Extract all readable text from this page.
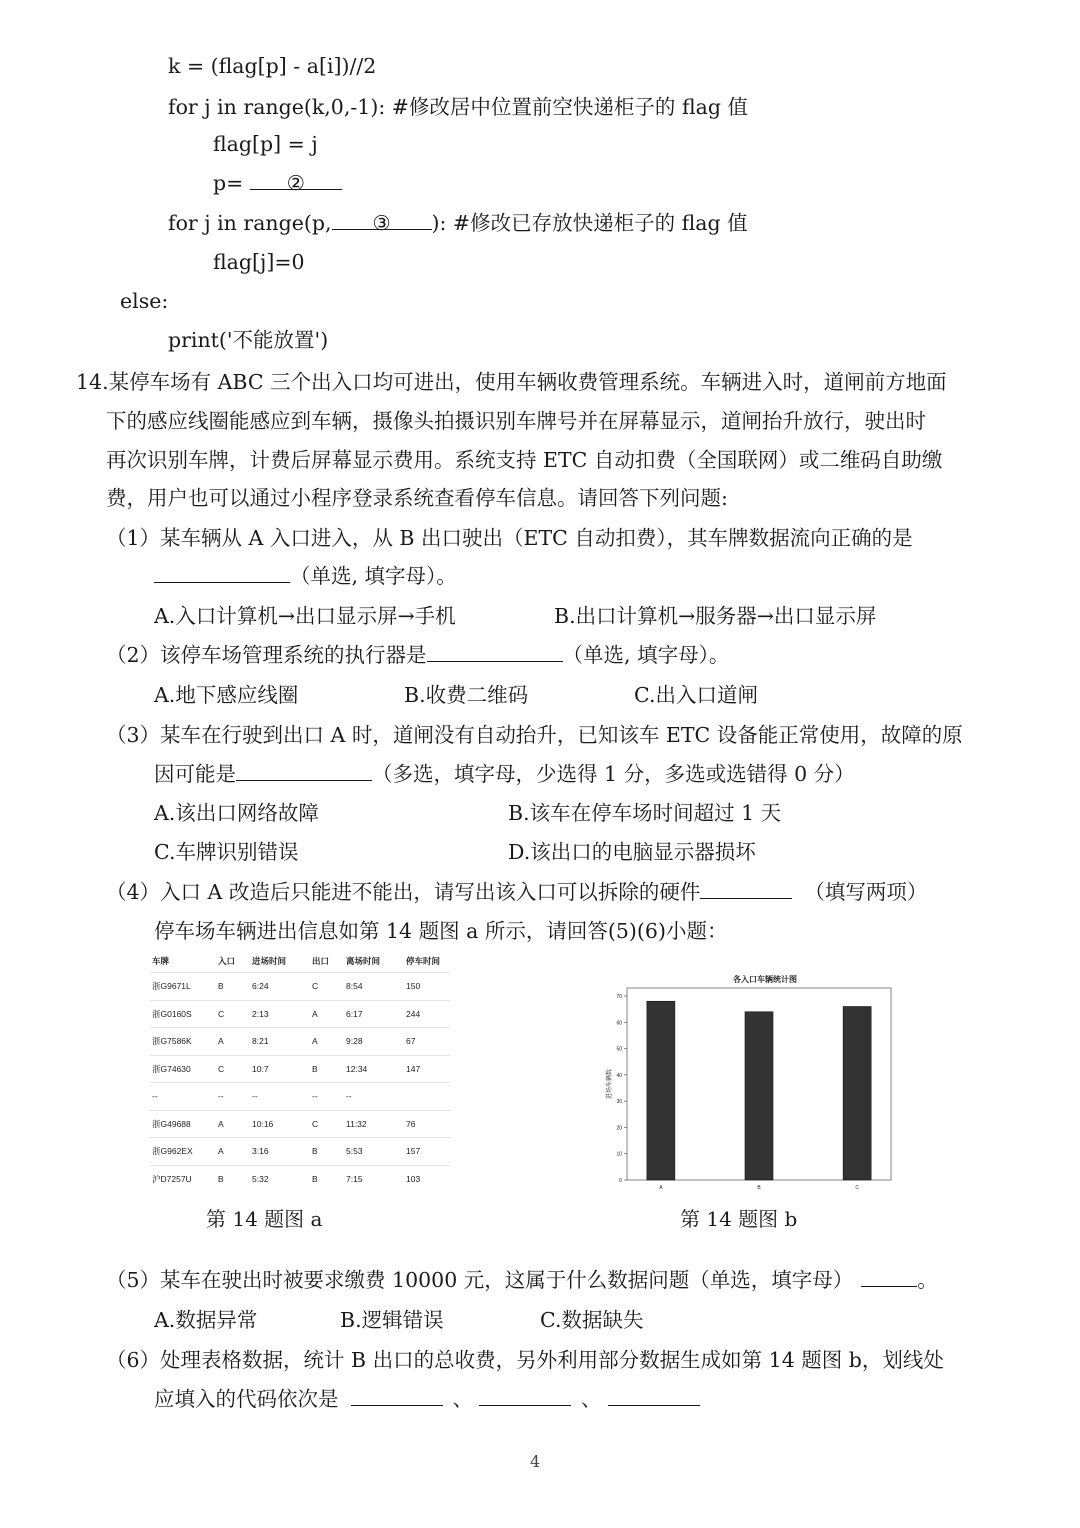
k = (flag[p] - a[i])//2
for j in range(k,0,-1): #修改居中位置前空快递柜子的 flag 值
flag[p] = j
p= ②
for j in range(p, ③ ): #修改已存放快递柜子的 flag 值
flag[j]=0
else:
print('不能放置')
14.某停车场有 ABC 三个出入口均可进出，使用车辆收费管理系统。车辆进入时，道闸前方地面
下的感应线圈能感应到车辆，摄像头拍摄识别车牌号并在屏幕显示，道闸抬升放行，驶出时
再次识别车牌，计费后屏幕显示费用。系统支持 ETC 自动扣费（全国联网）或二维码自助缴
费，用户也可以通过小程序登录系统查看停车信息。请回答下列问题:
（1）某车辆从 A 入口进入，从 B 出口驶出（ETC 自动扣费），其车牌数据流向正确的是
（单选, 填字母）。
A.入口计算机→出口显示屏→手机	B.出口计算机→服务器→出口显示屏
（2）该停车场管理系统的执行器是	（单选, 填字母）。
A.地下感应线圈	B.收费二维码	C.出入口道闸
（3）某车在行驶到出口 A 时，道闸没有自动抬升，已知该车 ETC 设备能正常使用，故障的原
因可能是	（多选，填字母，少选得 1 分，多选或选错得 0 分）
A.该出口网络故障	B.该车在停车场时间超过 1 天
C.车牌识别错误	D.该出口的电脑显示器损坏
（4）入口 A 改造后只能进不能出，请写出该入口可以拆除的硬件	（填写两项）
停车场车辆进出信息如第 14 题图 a 所示，请回答(5)(6)小题：
车牌	入口	进场时间	出口	离场时间	停车时间
浙G9671L	B	6:24	C	8:54	150
浙G0160S	C	2:13	A	6:17	244
浙G7586K	A	8:21	A	9:28	67
浙G74630	C	10:7	B	12:34	147
--	--	--	--	--	
浙G49688	A	10:16	C	11:32	76
浙G962EX	A	3:16	B	5:53	157
沪D7257U	B	5:32	B	7:15	103
各入口车辆统计图
进场车辆数
0
10
20
30
40
50
60
70
A	B	C
第 14 题图 a	第 14 题图 b
（5）某车在驶出时被要求缴费 10000 元，这属于什么数据问题（单选，填字母）	。
A.数据异常	B.逻辑错误	C.数据缺失
（6）处理表格数据，统计 B 出口的总收费，另外利用部分数据生成如第 14 题图 b，划线处
应填入的代码依次是	、	、
4
